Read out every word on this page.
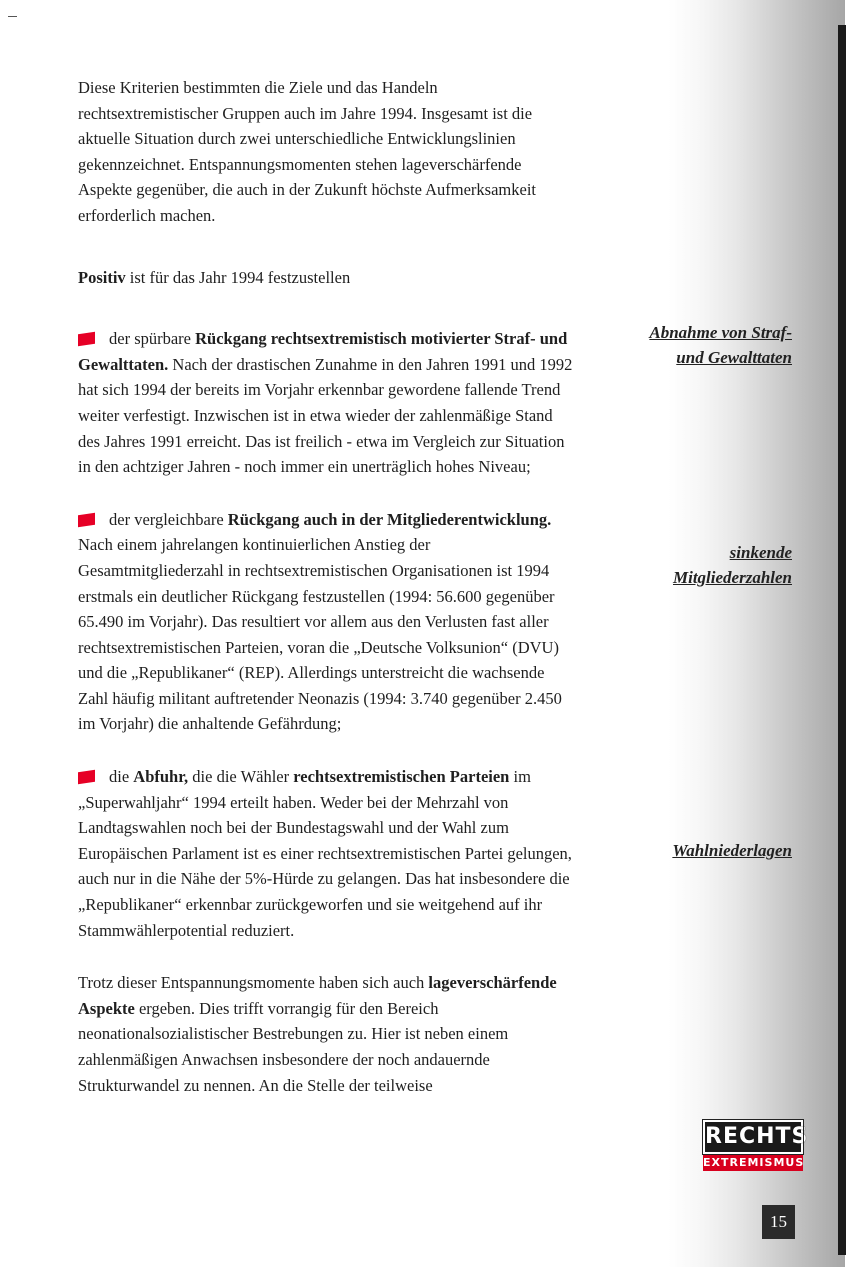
Diese Kriterien bestimmten die Ziele und das Handeln rechtsextremistischer Gruppen auch im Jahre 1994. Insgesamt ist die aktuelle Situation durch zwei unterschiedliche Entwicklungslinien gekennzeichnet. Entspannungsmomenten stehen lageverschärfende Aspekte gegenüber, die auch in der Zukunft höchste Aufmerksamkeit erforderlich machen.

Positiv ist für das Jahr 1994 festzustellen

der spürbare Rückgang rechtsextremistisch motivierter Straf- und Gewalttaten. Nach der drastischen Zunahme in den Jahren 1991 und 1992 hat sich 1994 der bereits im Vorjahr erkennbar gewordene fallende Trend weiter verfestigt. Inzwischen ist in etwa wieder der zahlenmäßige Stand des Jahres 1991 erreicht. Das ist freilich - etwa im Vergleich zur Situation in den achtziger Jahren - noch immer ein unerträglich hohes Niveau;

der vergleichbare Rückgang auch in der Mitgliederentwicklung. Nach einem jahrelangen kontinuierlichen Anstieg der Gesamtmitgliederzahl in rechtsextremistischen Organisationen ist 1994 erstmals ein deutlicher Rückgang festzustellen (1994: 56.600 gegenüber 65.490 im Vorjahr). Das resultiert vor allem aus den Verlusten fast aller rechtsextremistischen Parteien, voran die „Deutsche Volksunion“ (DVU) und die „Republikaner“ (REP). Allerdings unterstreicht die wachsende Zahl häufig militant auftretender Neonazis (1994: 3.740 gegenüber 2.450 im Vorjahr) die anhaltende Gefährdung;

die Abfuhr, die die Wähler rechtsextremistischen Parteien im „Superwahljahr“ 1994 erteilt haben. Weder bei der Mehrzahl von Landtagswahlen noch bei der Bundestagswahl und der Wahl zum Europäischen Parlament ist es einer rechtsextremistischen Partei gelungen, auch nur in die Nähe der 5%-Hürde zu gelangen. Das hat insbesondere die „Republikaner“ erkennbar zurückgeworfen und sie weitgehend auf ihr Stammwählerpotential reduziert.

Trotz dieser Entspannungsmomente haben sich auch lageverschärfende Aspekte ergeben. Dies trifft vorrangig für den Bereich neonationalsozialistischer Bestrebungen zu. Hier ist neben einem zahlenmäßigen Anwachsen insbesondere der noch andauernde Strukturwandel zu nennen. An die Stelle der teilweise

Abnahme von Straf-
und Gewalttaten
sinkende
Mitgliederzahlen
Wahlniederlagen
RECHTS
EXTREMISMUS
15
